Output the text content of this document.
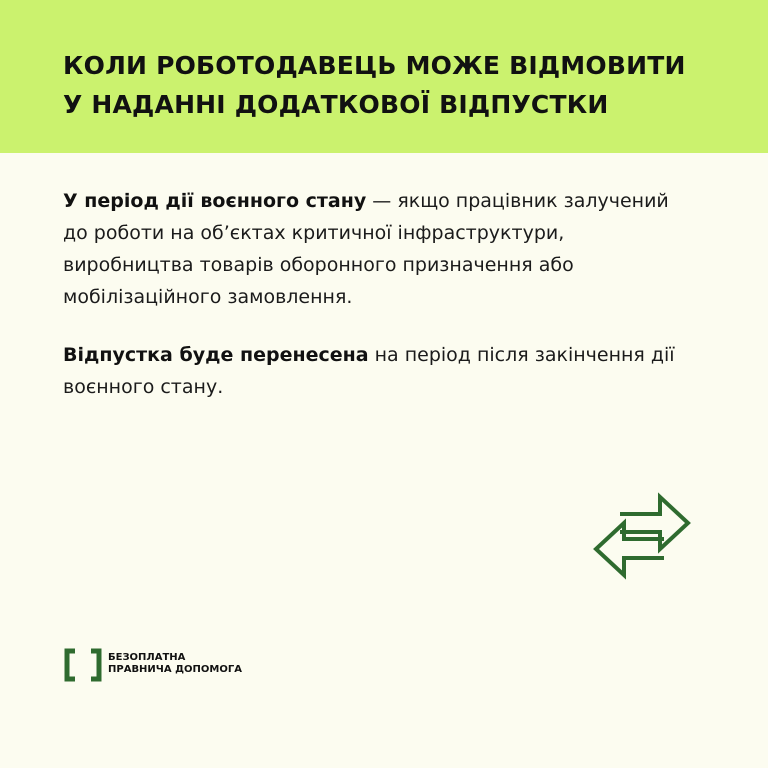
КОЛИ РОБОТОДАВЕЦЬ МОЖЕ ВІДМОВИТИ
У НАДАННІ ДОДАТКОВОЇ ВІДПУСТКИ

У період дії воєнного стану — якщо працівник залучений
до роботи на об’єктах критичної інфраструктури,
виробництва товарів оборонного призначення або
мобілізаційного замовлення.

Відпустка буде перенесена на період після закінчення дії
воєнного стану.

БЕЗОПЛАТНА
ПРАВНИЧА ДОПОМОГА
